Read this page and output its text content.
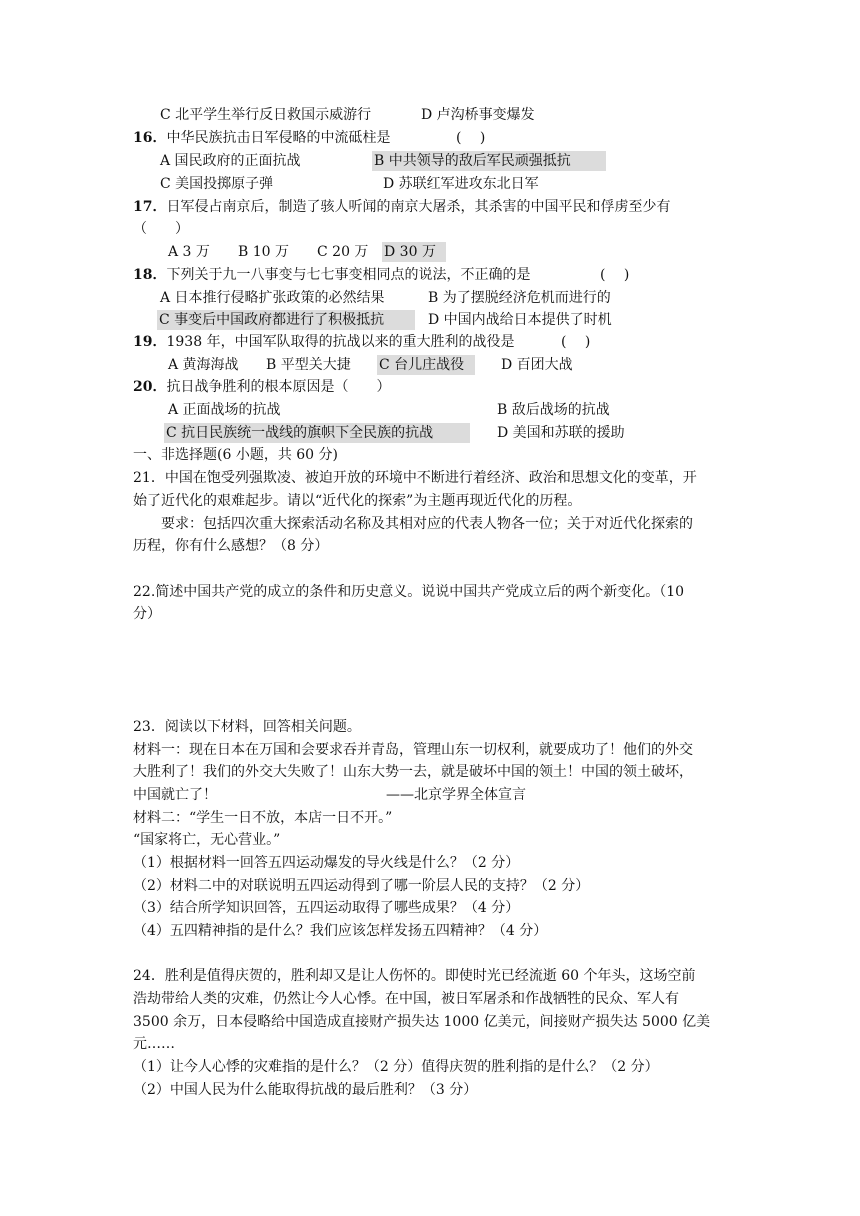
C 北平学生举行反日救国示威游行	D 卢沟桥事变爆发
16．中华民族抗击日军侵略的中流砥柱是	(　 )
A 国民政府的正面抗战	B 中共领导的敌后军民顽强抵抗
C 美国投掷原子弹	D 苏联红军进攻东北日军
17．日军侵占南京后，制造了骇人听闻的南京大屠杀，其杀害的中国平民和俘虏至少有
（　　）
A 3 万 B 10 万 C 20 万 D 30 万
18．下列关于九一八事变与七七事变相同点的说法，不正确的是	(　 )
A 日本推行侵略扩张政策的必然结果	B 为了摆脱经济危机而进行的
C 事变后中国政府都进行了积极抵抗	D 中国内战给日本提供了时机
19．1938 年，中国军队取得的抗战以来的重大胜利的战役是	(　 )
A 黄海海战 B 平型关大捷 C 台儿庄战役	D 百团大战
20．抗日战争胜利的根本原因是（　　）
A 正面战场的抗战	B 敌后战场的抗战
C 抗日民族统一战线的旗帜下全民族的抗战	D 美国和苏联的援助
一、非选择题(6 小题，共 60 分)
21．中国在饱受列强欺凌、被迫开放的环境中不断进行着经济、政治和思想文化的变革，开
始了近代化的艰难起步。请以“近代化的探索”为主题再现近代化的历程。
要求：包括四次重大探索活动名称及其相对应的代表人物各一位；关于对近代化探索的
历程，你有什么感想？（8 分）
22.简述中国共产党的成立的条件和历史意义。说说中国共产党成立后的两个新变化。（10
分）
23．阅读以下材料，回答相关问题。
材料一：现在日本在万国和会要求吞并青岛，管理山东一切权利，就要成功了！他们的外交
大胜利了！我们的外交大失败了！山东大势一去，就是破坏中国的领土！中国的领土破坏，
中国就亡了！	——北京学界全体宣言
材料二：“学生一日不放，本店一日不开。”
“国家将亡，无心营业。”
（1）根据材料一回答五四运动爆发的导火线是什么？（2 分）
（2）材料二中的对联说明五四运动得到了哪一阶层人民的支持？（2 分）
（3）结合所学知识回答，五四运动取得了哪些成果？（4 分）
（4）五四精神指的是什么？我们应该怎样发扬五四精神？（4 分）
24．胜利是值得庆贺的，胜利却又是让人伤怀的。即使时光已经流逝 60 个年头，这场空前
浩劫带给人类的灾难，仍然让今人心悸。在中国，被日军屠杀和作战牺牲的民众、军人有
3500 余万，日本侵略给中国造成直接财产损失达 1000 亿美元，间接财产损失达 5000 亿美
元……
（1）让今人心悸的灾难指的是什么？（2 分）值得庆贺的胜利指的是什么？（2 分）
（2）中国人民为什么能取得抗战的最后胜利？（3 分）
